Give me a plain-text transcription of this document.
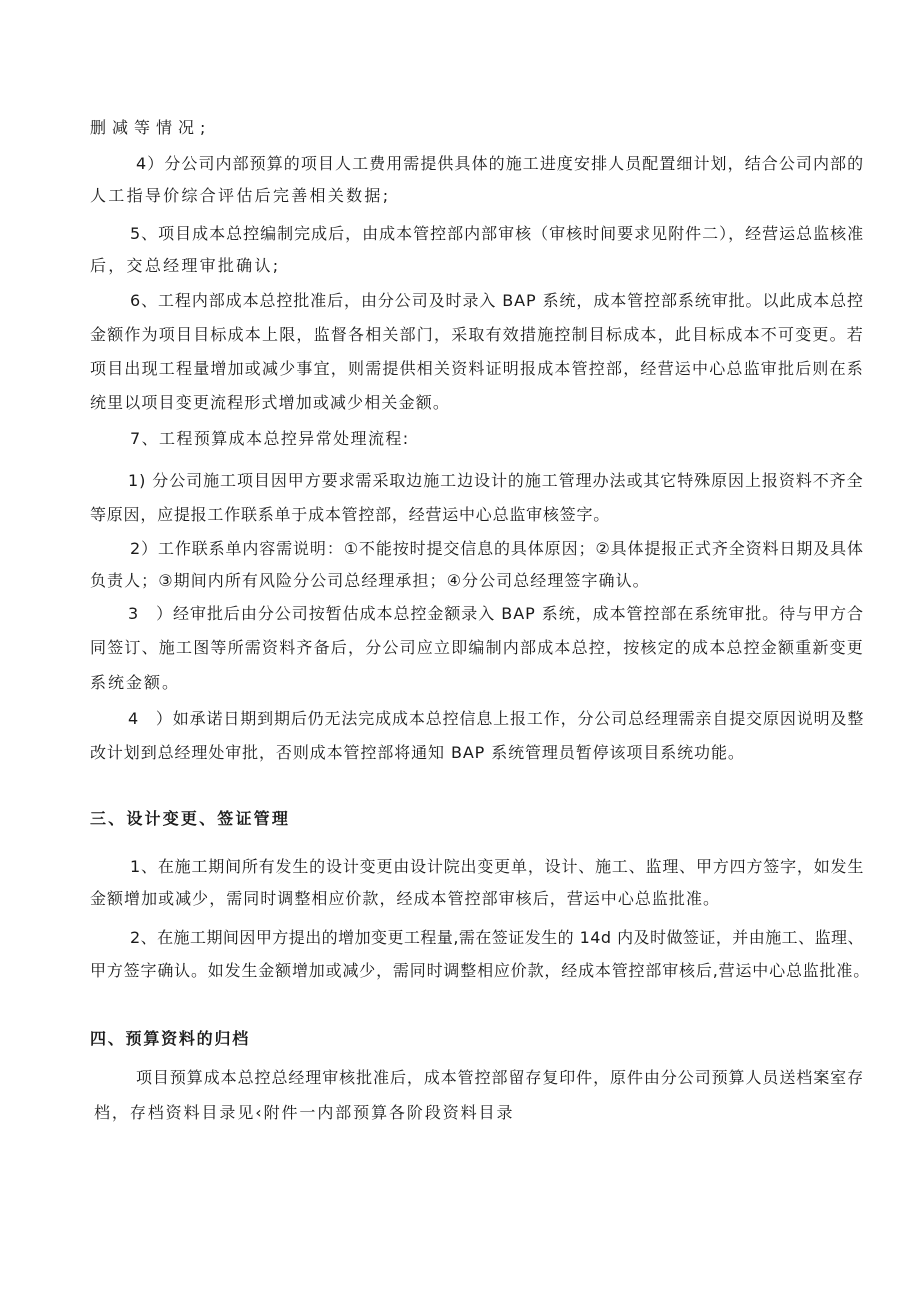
删减等情况;

4）分公司内部预算的项目人工费用需提供具体的施工进度安排人员配置细计划，结合公司内部的

人工指导价综合评估后完善相关数据;

5、项目成本总控编制完成后，由成本管控部内部审核（审核时间要求见附件二），经营运总监核准

后，交总经理审批确认;

6、工程内部成本总控批准后，由分公司及时录入 BAP 系统，成本管控部系统审批。以此成本总控

金额作为项目目标成本上限，监督各相关部门，采取有效措施控制目标成本，此目标成本不可变更。若

项目出现工程量增加或减少事宜，则需提供相关资料证明报成本管控部，经营运中心总监审批后则在系

统里以项目变更流程形式增加或减少相关金额。

7、工程预算成本总控异常处理流程:

1) 分公司施工项目因甲方要求需采取边施工边设计的施工管理办法或其它特殊原因上报资料不齐全

等原因，应提报工作联系单于成本管控部，经营运中心总监审核签字。

2）工作联系单内容需说明：①不能按时提交信息的具体原因；②具体提报正式齐全资料日期及具体

负责人；③期间内所有风险分公司总经理承担；④分公司总经理签字确认。

3　）经审批后由分公司按暂估成本总控金额录入 BAP 系统，成本管控部在系统审批。待与甲方合

同签订、施工图等所需资料齐备后，分公司应立即编制内部成本总控，按核定的成本总控金额重新变更

系统金额。

4　）如承诺日期到期后仍无法完成成本总控信息上报工作，分公司总经理需亲自提交原因说明及整

改计划到总经理处审批，否则成本管控部将通知 BAP 系统管理员暂停该项目系统功能。

三、设计变更、签证管理

1、在施工期间所有发生的设计变更由设计院出变更单，设计、施工、监理、甲方四方签字，如发生

金额增加或减少，需同时调整相应价款，经成本管控部审核后，营运中心总监批准。

2、在施工期间因甲方提出的增加变更工程量,需在签证发生的 14d 内及时做签证，并由施工、监理、

甲方签字确认。如发生金额增加或减少，需同时调整相应价款，经成本管控部审核后,营运中心总监批准。

四、预算资料的归档

项目预算成本总控总经理审核批准后，成本管控部留存复印件，原件由分公司预算人员送档案室存

档，存档资料目录见‹附件一内部预算各阶段资料目录
